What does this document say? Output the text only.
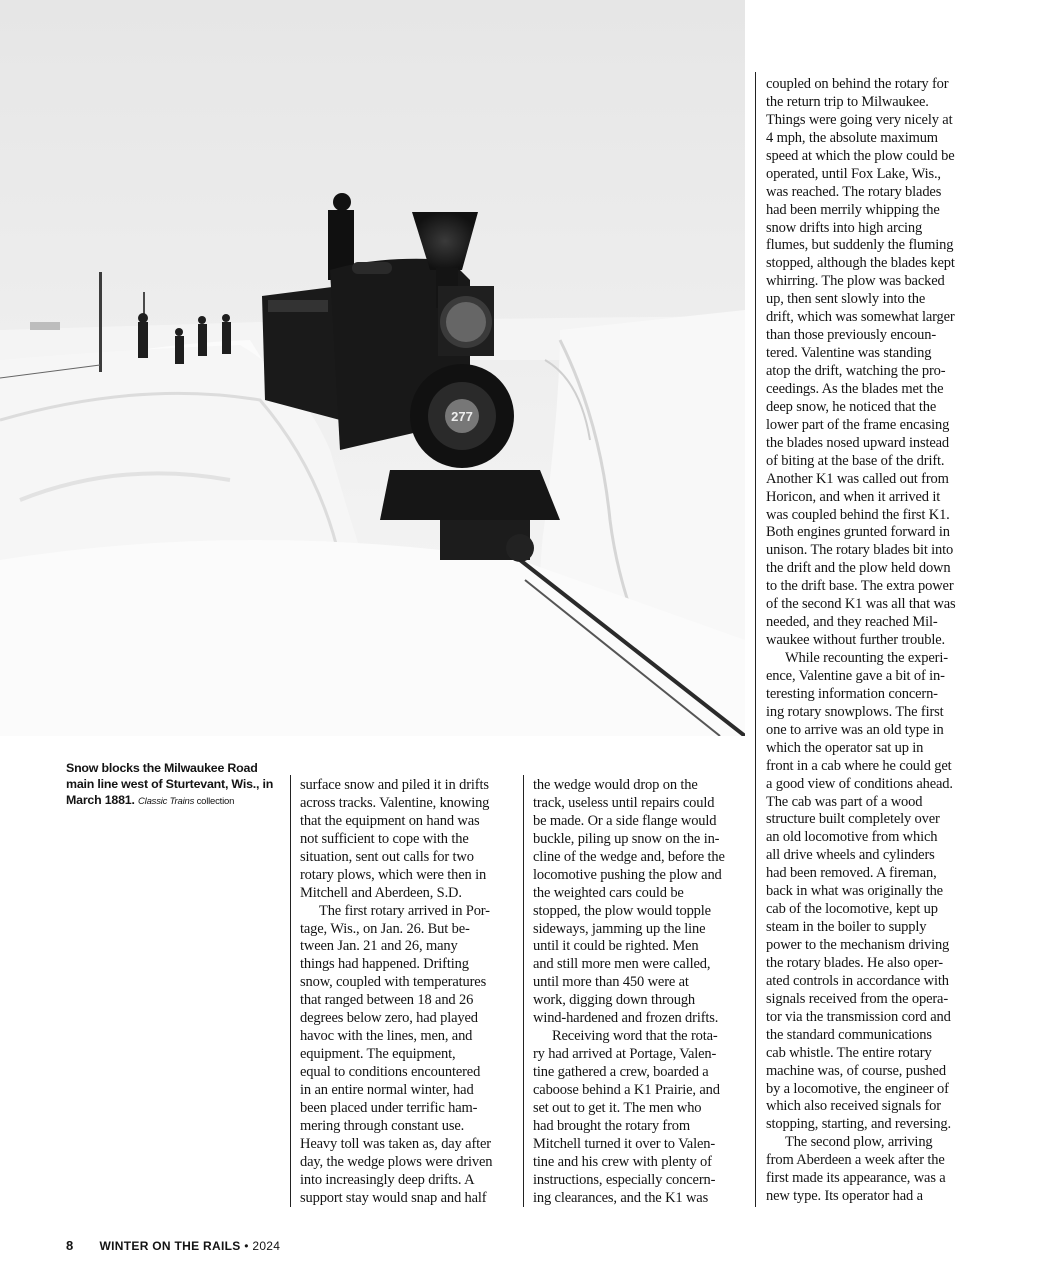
277
Snow blocks the Milwaukee Road main line west of Sturtevant, Wis., in March 1881. Classic Trains collection
surface snow and piled it in drifts
across tracks. Valentine, knowing
that the equipment on hand was
not sufficient to cope with the
situation, sent out calls for two
rotary plows, which were then in
Mitchell and Aberdeen, S.D.
The first rotary arrived in Por-
tage, Wis., on Jan. 26. But be-
tween Jan. 21 and 26, many
things had happened. Drifting
snow, coupled with temperatures
that ranged between 18 and 26
degrees below zero, had played
havoc with the lines, men, and
equipment. The equipment,
equal to conditions encountered
in an entire normal winter, had
been placed under terrific ham-
mering through constant use.
Heavy toll was taken as, day after
day, the wedge plows were driven
into increasingly deep drifts. A
support stay would snap and half
the wedge would drop on the
track, useless until repairs could
be made. Or a side flange would
buckle, piling up snow on the in-
cline of the wedge and, before the
locomotive pushing the plow and
the weighted cars could be
stopped, the plow would topple
sideways, jamming up the line
until it could be righted. Men
and still more men were called,
until more than 450 were at
work, digging down through
wind-hardened and frozen drifts.
Receiving word that the rota-
ry had arrived at Portage, Valen-
tine gathered a crew, boarded a
caboose behind a K1 Prairie, and
set out to get it. The men who
had brought the rotary from
Mitchell turned it over to Valen-
tine and his crew with plenty of
instructions, especially concern-
ing clearances, and the K1 was
coupled on behind the rotary for
the return trip to Milwaukee.
Things were going very nicely at
4 mph, the absolute maximum
speed at which the plow could be
operated, until Fox Lake, Wis.,
was reached. The rotary blades
had been merrily whipping the
snow drifts into high arcing
flumes, but suddenly the fluming
stopped, although the blades kept
whirring. The plow was backed
up, then sent slowly into the
drift, which was somewhat larger
than those previously encoun-
tered. Valentine was standing
atop the drift, watching the pro-
ceedings. As the blades met the
deep snow, he noticed that the
lower part of the frame encasing
the blades nosed upward instead
of biting at the base of the drift.
Another K1 was called out from
Horicon, and when it arrived it
was coupled behind the first K1.
Both engines grunted forward in
unison. The rotary blades bit into
the drift and the plow held down
to the drift base. The extra power
of the second K1 was all that was
needed, and they reached Mil-
waukee without further trouble.
While recounting the experi-
ence, Valentine gave a bit of in-
teresting information concern-
ing rotary snowplows. The first
one to arrive was an old type in
which the operator sat up in
front in a cab where he could get
a good view of conditions ahead.
The cab was part of a wood
structure built completely over
an old locomotive from which
all drive wheels and cylinders
had been removed. A fireman,
back in what was originally the
cab of the locomotive, kept up
steam in the boiler to supply
power to the mechanism driving
the rotary blades. He also oper-
ated controls in accordance with
signals received from the opera-
tor via the transmission cord and
the standard communications
cab whistle. The entire rotary
machine was, of course, pushed
by a locomotive, the engineer of
which also received signals for
stopping, starting, and reversing.
The second plow, arriving
from Aberdeen a week after the
first made its appearance, was a
new type. Its operator had a
8 WINTER ON THE RAILS • 2024
